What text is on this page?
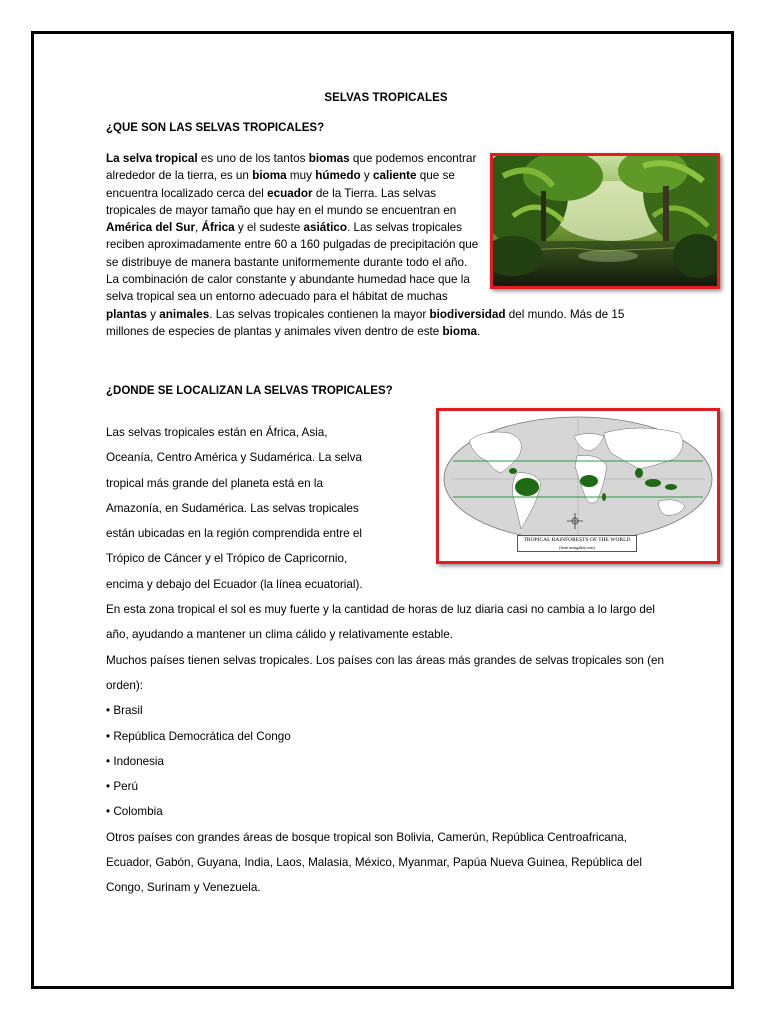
SELVAS TROPICALES
¿QUE SON LAS SELVAS TROPICALES?
La selva tropical es uno de los tantos biomas que podemos encontrar alrededor de la tierra, es un bioma muy húmedo y caliente que se encuentra localizado cerca del ecuador de la Tierra. Las selvas tropicales de mayor tamaño que hay en el mundo se encuentran en América del Sur, África y el sudeste asiático. Las selvas tropicales reciben aproximadamente entre 60 a 160 pulgadas de precipitación que se distribuye de manera bastante uniformemente durante todo el año. La combinación de calor constante y abundante humedad hace que la selva tropical sea un entorno adecuado para el hábitat de muchas plantas y animales. Las selvas tropicales contienen la mayor biodiversidad del mundo. Más de 15 millones de especies de plantas y animales viven dentro de este bioma.
¿DONDE SE LOCALIZAN LA SELVAS TROPICALES?
Las selvas tropicales están en África, Asia, Oceanía, Centro América y Sudamérica. La selva tropical más grande del planeta está en la Amazonía, en Sudamérica. Las selvas tropicales están ubicadas en la región comprendida entre el Trópico de Cáncer y el Trópico de Capricornio, encima y debajo del Ecuador (la línea ecuatorial). En esta zona tropical el sol es muy fuerte y la cantidad de horas de luz diaria casi no cambia a lo largo del año, ayudando a mantener un clima cálido y relativamente estable.
Muchos países tienen selvas tropicales. Los países con las áreas más grandes de selvas tropicales son (en orden):
• Brasil
• República Democrática del Congo
• Indonesia
• Perú
• Colombia
Otros países con grandes áreas de bosque tropical son Bolivia, Camerún, República Centroafricana, Ecuador, Gabón, Guyana, India, Laos, Malasia, México, Myanmar, Papúa Nueva Guinea, República del Congo, Surinam y Venezuela.
TROPICAL RAINFORESTS OF THE WORLD
(from mongabay.com)
